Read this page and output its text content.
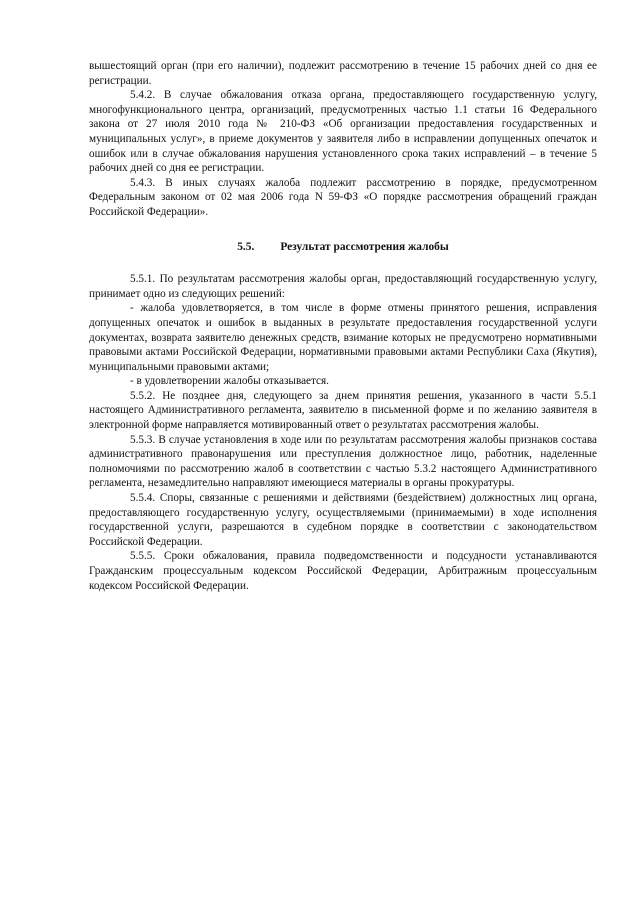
вышестоящий орган (при его наличии), подлежит рассмотрению в течение 15 рабочих дней со дня ее регистрации.

5.4.2. В случае обжалования отказа органа, предоставляющего государственную услугу, многофункционального центра, организаций, предусмотренных частью 1.1 статьи 16 Федерального закона от 27 июля 2010 года № 210-ФЗ «Об организации предоставления государственных и муниципальных услуг», в приеме документов у заявителя либо в исправлении допущенных опечаток и ошибок или в случае обжалования нарушения установленного срока таких исправлений – в течение 5 рабочих дней со дня ее регистрации.

5.4.3. В иных случаях жалоба подлежит рассмотрению в порядке, предусмотренном Федеральным законом от 02 мая 2006 года N 59-ФЗ «О порядке рассмотрения обращений граждан Российской Федерации».

5.5. Результат рассмотрения жалобы

5.5.1. По результатам рассмотрения жалобы орган, предоставляющий государственную услугу, принимает одно из следующих решений:

- жалоба удовлетворяется, в том числе в форме отмены принятого решения, исправления допущенных опечаток и ошибок в выданных в результате предоставления государственной услуги документах, возврата заявителю денежных средств, взимание которых не предусмотрено нормативными правовыми актами Российской Федерации, нормативными правовыми актами Республики Саха (Якутия), муниципальными правовыми актами;

- в удовлетворении жалобы отказывается.

5.5.2. Не позднее дня, следующего за днем принятия решения, указанного в части 5.5.1 настоящего Административного регламента, заявителю в письменной форме и по желанию заявителя в электронной форме направляется мотивированный ответ о результатах рассмотрения жалобы.

5.5.3. В случае установления в ходе или по результатам рассмотрения жалобы признаков состава административного правонарушения или преступления должностное лицо, работник, наделенные полномочиями по рассмотрению жалоб в соответствии с частью 5.3.2 настоящего Административного регламента, незамедлительно направляют имеющиеся материалы в органы прокуратуры.

5.5.4. Споры, связанные с решениями и действиями (бездействием) должностных лиц органа, предоставляющего государственную услугу, осуществляемыми (принимаемыми) в ходе исполнения государственной услуги, разрешаются в судебном порядке в соответствии с законодательством Российской Федерации.

5.5.5. Сроки обжалования, правила подведомственности и подсудности устанавливаются Гражданским процессуальным кодексом Российской Федерации, Арбитражным процессуальным кодексом Российской Федерации.
